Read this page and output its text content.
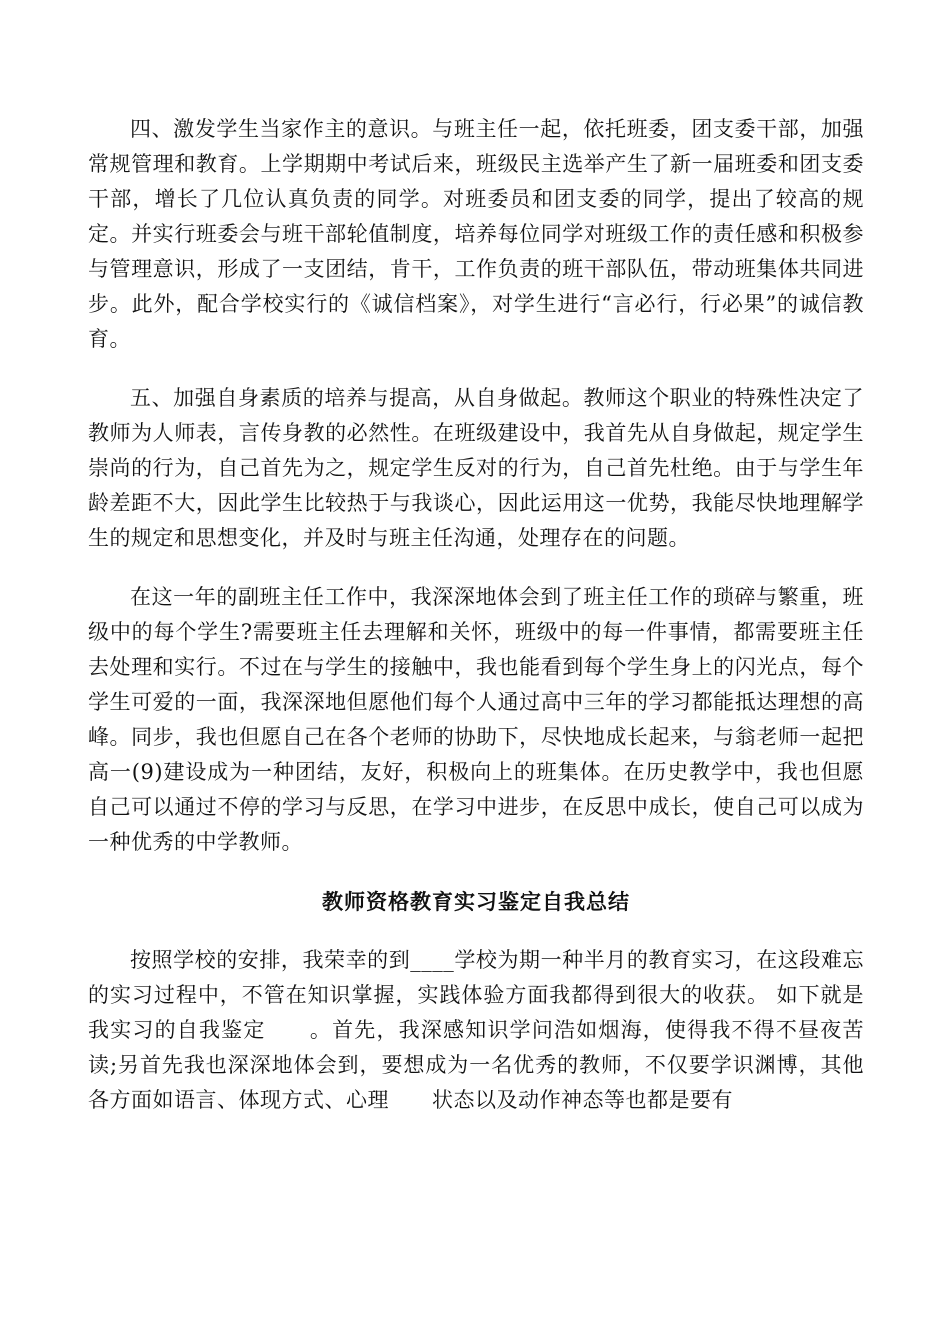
四、激发学生当家作主的意识。与班主任一起，依托班委，团支委干部，加强常规管理和教育。上学期期中考试后来，班级民主选举产生了新一届班委和团支委干部，增长了几位认真负责的同学。对班委员和团支委的同学，提出了较高的规定。并实行班委会与班干部轮值制度，培养每位同学对班级工作的责任感和积极参与管理意识，形成了一支团结，肯干，工作负责的班干部队伍，带动班集体共同进步。此外，配合学校实行的《诚信档案》，对学生进行“言必行，行必果”的诚信教育。

五、加强自身素质的培养与提高，从自身做起。教师这个职业的特殊性决定了教师为人师表，言传身教的必然性。在班级建设中，我首先从自身做起，规定学生崇尚的行为，自己首先为之，规定学生反对的行为，自己首先杜绝。由于与学生年龄差距不大，因此学生比较热于与我谈心，因此运用这一优势，我能尽快地理解学生的规定和思想变化，并及时与班主任沟通，处理存在的问题。

在这一年的副班主任工作中，我深深地体会到了班主任工作的琐碎与繁重，班级中的每个学生?需要班主任去理解和关怀，班级中的每一件事情，都需要班主任去处理和实行。不过在与学生的接触中，我也能看到每个学生身上的闪光点，每个学生可爱的一面，我深深地但愿他们每个人通过高中三年的学习都能抵达理想的高峰。同步，我也但愿自己在各个老师的协助下，尽快地成长起来，与翁老师一起把高一(9)建设成为一种团结，友好，积极向上的班集体。在历史教学中，我也但愿自己可以通过不停的学习与反思，在学习中进步，在反思中成长，使自己可以成为一种优秀的中学教师。

教师资格教育实习鉴定自我总结

按照学校的安排，我荣幸的到____学校为期一种半月的教育实习，在这段难忘的实习过程中，不管在知识掌握，实践体验方面我都得到很大的收获。 如下就是我实习的自我鉴定　　。首先，我深感知识学问浩如烟海，使得我不得不昼夜苦读;另首先我也深深地体会到，要想成为一名优秀的教师，不仅要学识渊博，其他各方面如语言、体现方式、心理　　状态以及动作神态等也都是要有
